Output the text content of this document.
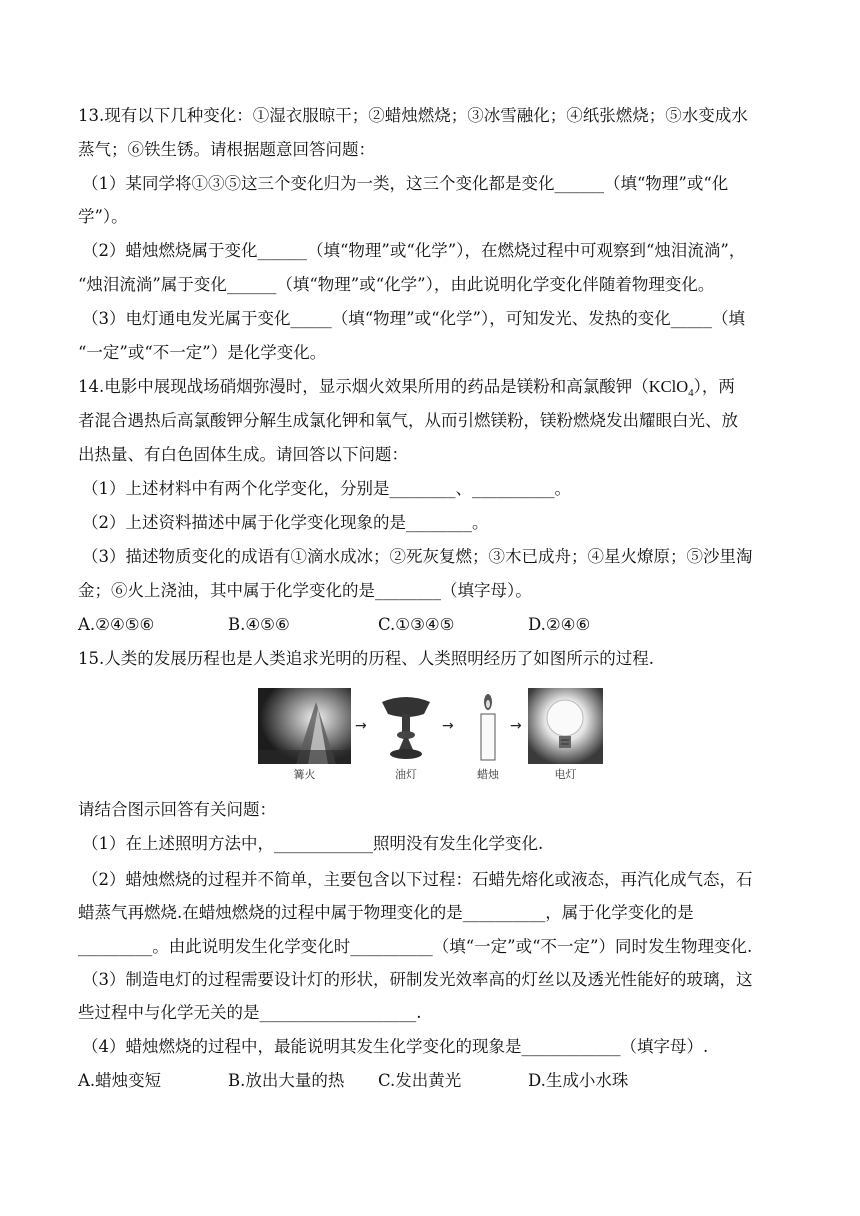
13.现有以下几种变化：①湿衣服晾干；②蜡烛燃烧；③冰雪融化；④纸张燃烧；⑤水变成水
蒸气；⑥铁生锈。请根据题意回答问题：
（1）某同学将①③⑤这三个变化归为一类，这三个变化都是变化______（填“物理”或“化
学”）。
（2）蜡烛燃烧属于变化______（填“物理”或“化学”），在燃烧过程中可观察到“烛泪流淌”，
“烛泪流淌”属于变化______（填“物理”或“化学”），由此说明化学变化伴随着物理变化。
（3）电灯通电发光属于变化_____（填“物理”或“化学”），可知发光、发热的变化_____（填
“一定”或“不一定”）是化学变化。
14.电影中展现战场硝烟弥漫时，显示烟火效果所用的药品是镁粉和高氯酸钾（KClO$_4$），两
者混合遇热后高氯酸钾分解生成氯化钾和氧气，从而引燃镁粉，镁粉燃烧发出耀眼白光、放
出热量、有白色固体生成。请回答以下问题：
（1）上述材料中有两个化学变化，分别是________、__________。
（2）上述资料描述中属于化学变化现象的是________。
（3）描述物质变化的成语有①滴水成冰；②死灰复燃；③木已成舟；④星火燎原；⑤沙里淘
金；⑥火上浇油，其中属于化学变化的是________（填字母）。
A.②④⑤⑥	B.④⑤⑥	C.①③④⑤	D.②④⑥
15.人类的发展历程也是人类追求光明的历程、人类照明经历了如图所示的过程.
篝火
→
油灯
→
蜡烛
→
电灯
请结合图示回答有关问题：
（1）在上述照明方法中，____________照明没有发生化学变化.
（2）蜡烛燃烧的过程并不简单，主要包含以下过程：石蜡先熔化或液态，再汽化成气态，石
蜡蒸气再燃烧.在蜡烛燃烧的过程中属于物理变化的是__________，属于化学变化的是
_________。由此说明发生化学变化时__________（填“一定”或“不一定”）同时发生物理变化.
（3）制造电灯的过程需要设计灯的形状，研制发光效率高的灯丝以及透光性能好的玻璃，这
些过程中与化学无关的是___________________.
（4）蜡烛燃烧的过程中，最能说明其发生化学变化的现象是____________（填字母）.
A.蜡烛变短	B.放出大量的热 C.发出黄光	D.生成小水珠
